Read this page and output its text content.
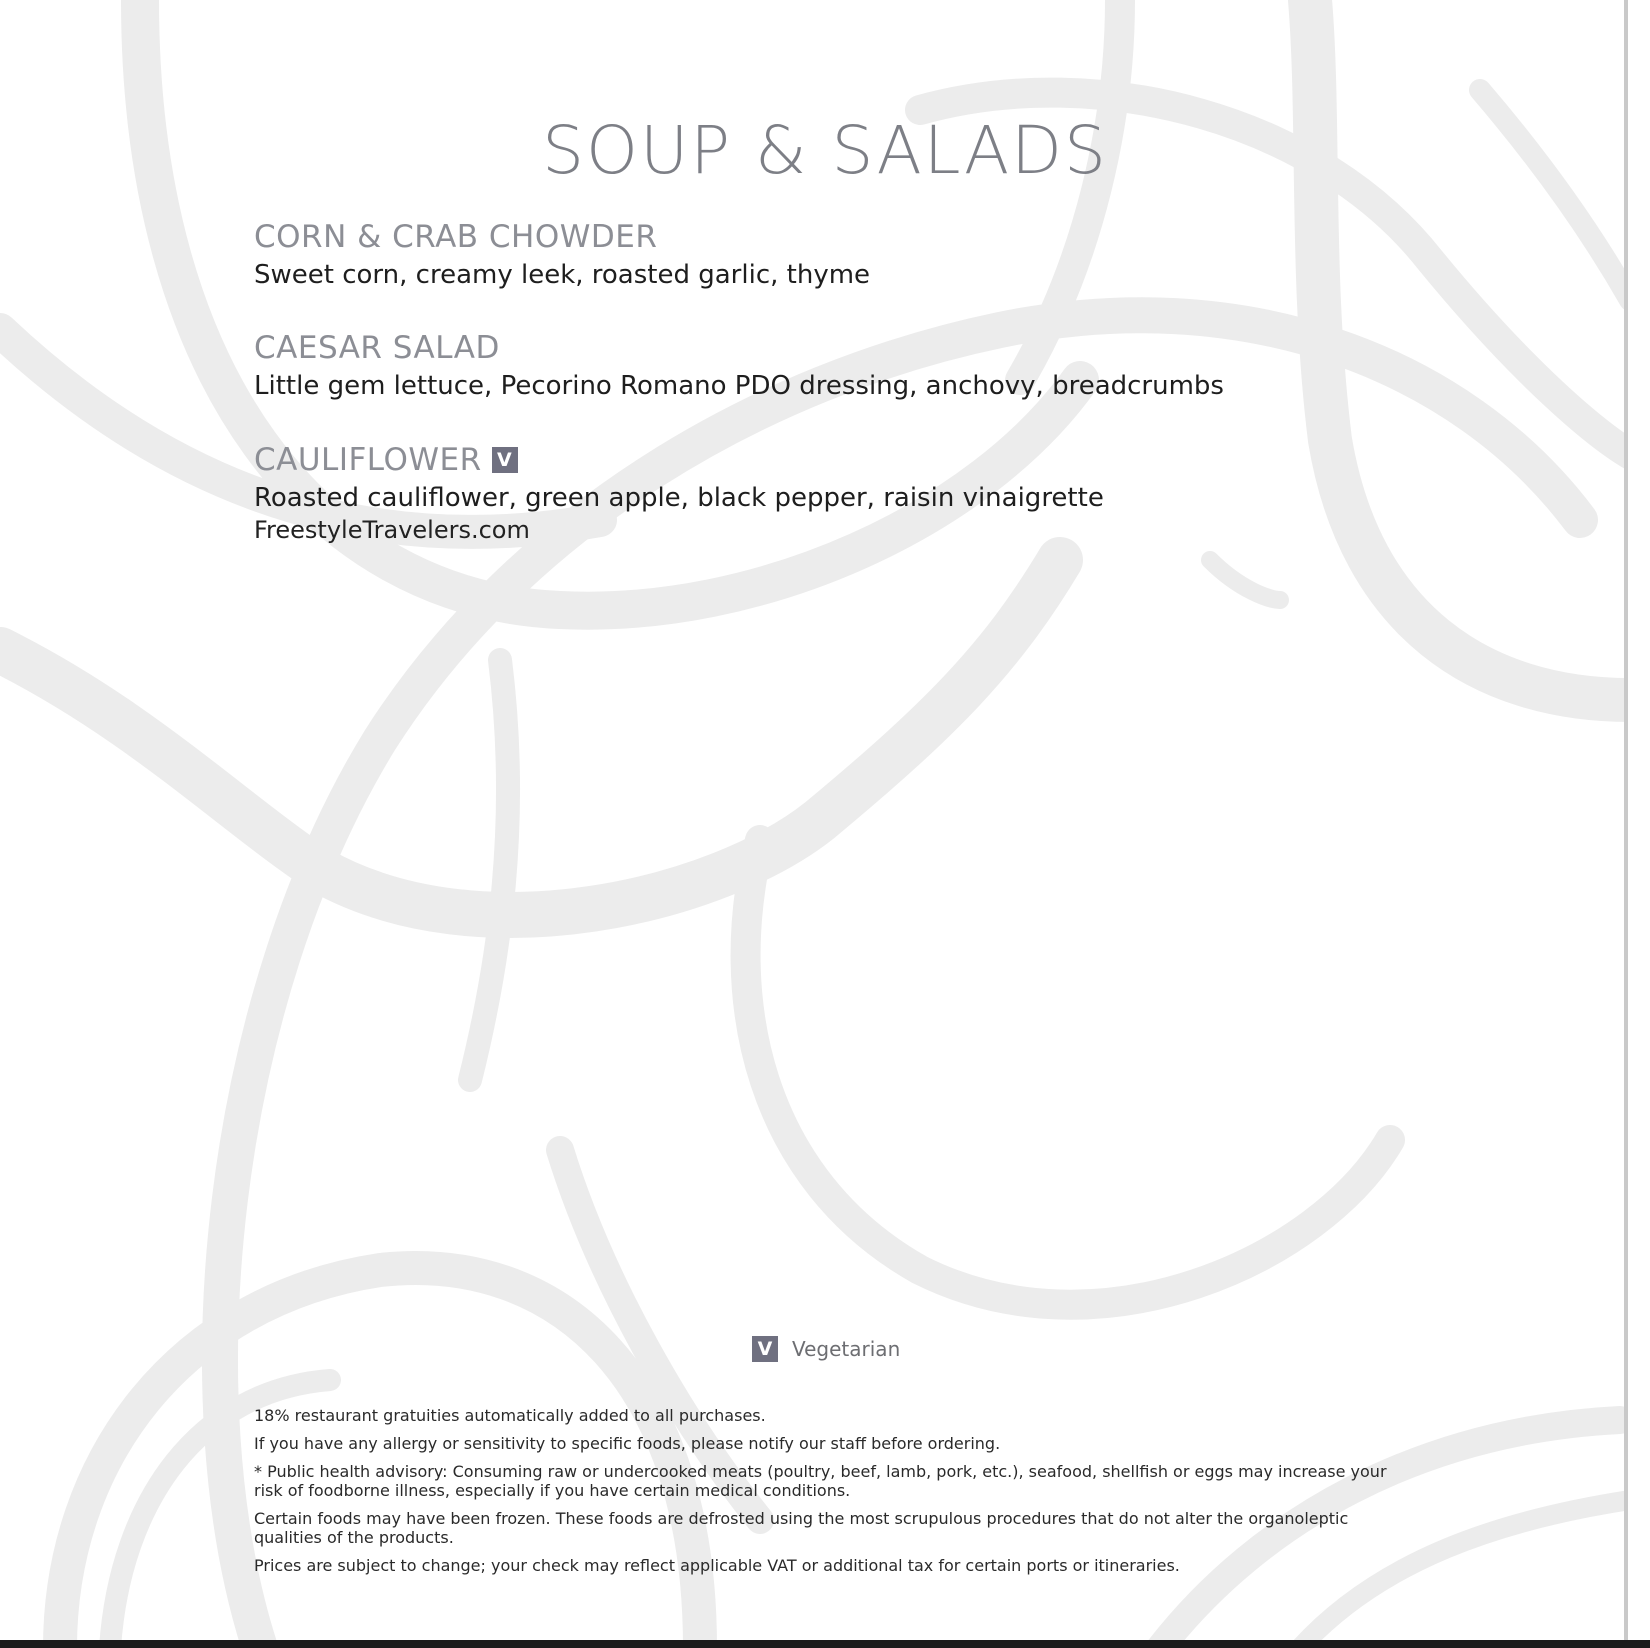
SOUP & SALADS
CORN & CRAB CHOWDER
Sweet corn, creamy leek, roasted garlic, thyme
CAESAR SALAD
Little gem lettuce, Pecorino Romano PDO dressing, anchovy, breadcrumbs
CAULIFLOWER V
Roasted cauliflower, green apple, black pepper, raisin vinaigrette
FreestyleTravelers.com
V Vegetarian

18% restaurant gratuities automatically added to all purchases.

If you have any allergy or sensitivity to specific foods, please notify our staff before ordering.

* Public health advisory: Consuming raw or undercooked meats (poultry, beef, lamb, pork, etc.), seafood, shellfish or eggs may increase your risk of foodborne illness, especially if you have certain medical conditions.

Certain foods may have been frozen. These foods are defrosted using the most scrupulous procedures that do not alter the organoleptic qualities of the products.

Prices are subject to change; your check may reflect applicable VAT or additional tax for certain ports or itineraries.
